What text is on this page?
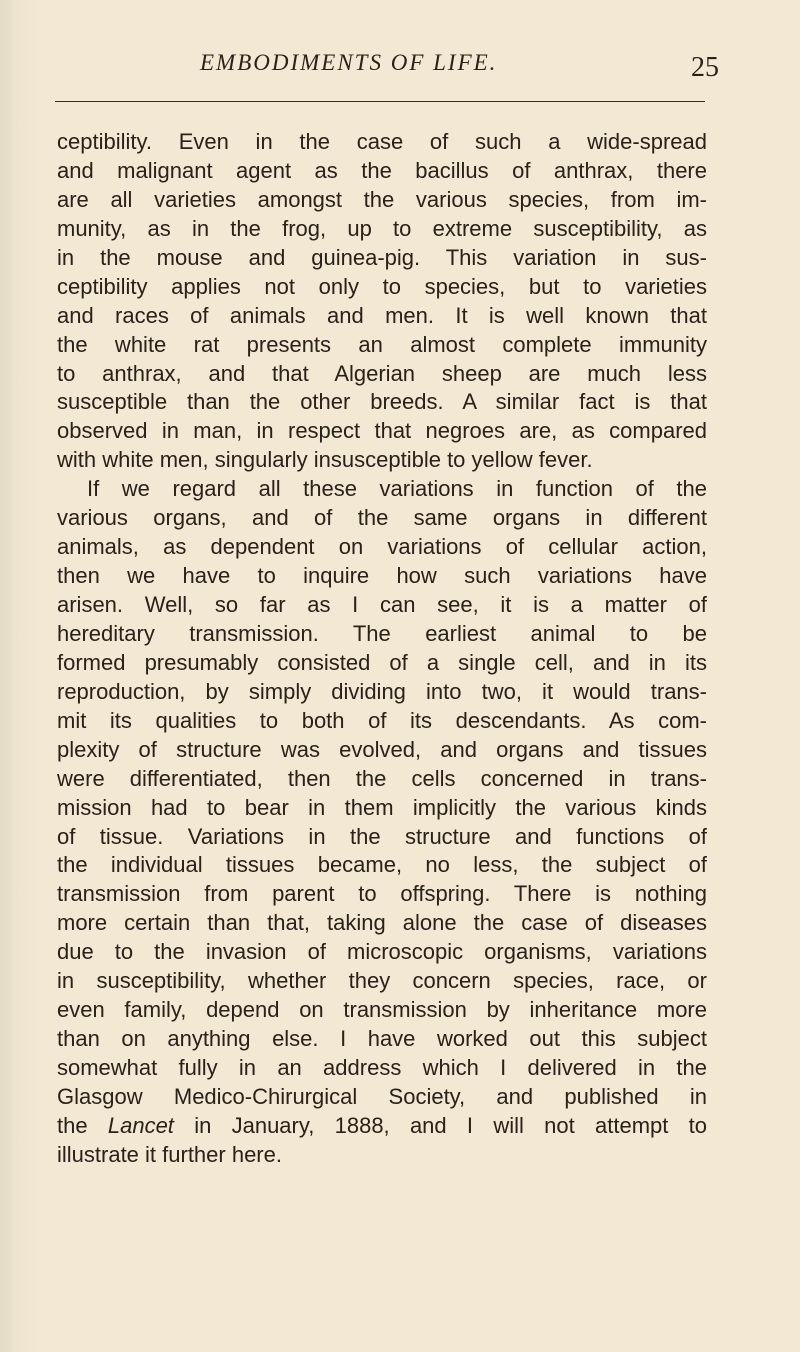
EMBODIMENTS OF LIFE.	25
ceptibility. Even in the case of such a wide-spread
and malignant agent as the bacillus of anthrax, there
are all varieties amongst the various species, from im-
munity, as in the frog, up to extreme susceptibility, as
in the mouse and guinea-pig. This variation in sus-
ceptibility applies not only to species, but to varieties
and races of animals and men. It is well known that
the white rat presents an almost complete immunity
to anthrax, and that Algerian sheep are much less
susceptible than the other breeds. A similar fact is that
observed in man, in respect that negroes are, as compared
with white men, singularly insusceptible to yellow fever.
If we regard all these variations in function of the
various organs, and of the same organs in different
animals, as dependent on variations of cellular action,
then we have to inquire how such variations have
arisen. Well, so far as I can see, it is a matter of
hereditary transmission. The earliest animal to be
formed presumably consisted of a single cell, and in its
reproduction, by simply dividing into two, it would trans-
mit its qualities to both of its descendants. As com-
plexity of structure was evolved, and organs and tissues
were differentiated, then the cells concerned in trans-
mission had to bear in them implicitly the various kinds
of tissue. Variations in the structure and functions of
the individual tissues became, no less, the subject of
transmission from parent to offspring. There is nothing
more certain than that, taking alone the case of diseases
due to the invasion of microscopic organisms, variations
in susceptibility, whether they concern species, race, or
even family, depend on transmission by inheritance more
than on anything else. I have worked out this subject
somewhat fully in an address which I delivered in the
Glasgow Medico-Chirurgical Society, and published in
the Lancet in January, 1888, and I will not attempt to
illustrate it further here.
